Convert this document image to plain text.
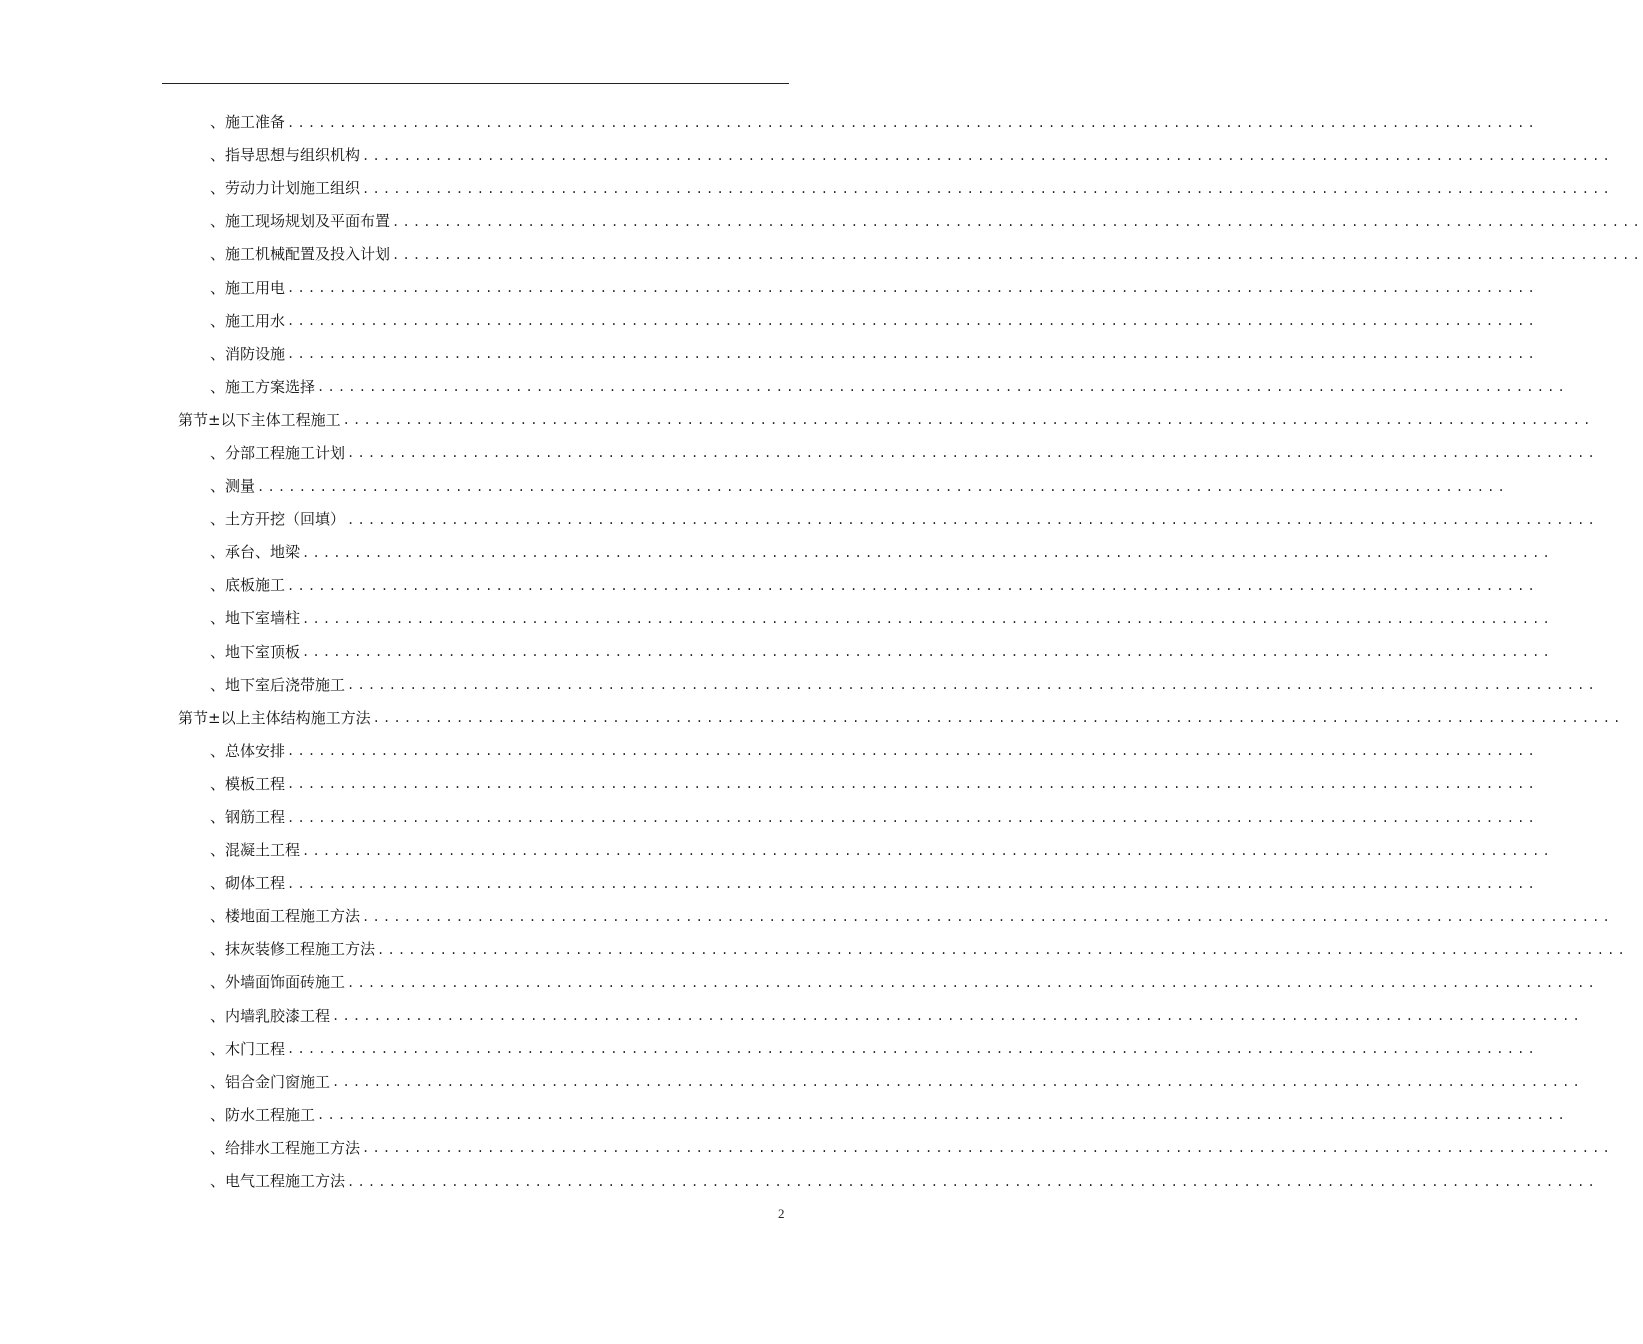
、 施工准备 ........................................................................................................................
、 指导思想与组织机构 ........................................................................................................................
、 劳动力计划施工组织 ........................................................................................................................
、 施工现场规划及平面布置 ........................................................................................................................
、 施工机械配置及投入计划 ........................................................................................................................
、 施工用电 ........................................................................................................................
、 施工用水 ........................................................................................................................
、 消防设施 ........................................................................................................................
、 施工方案选择 ........................................................................................................................
第节 ±以下主体工程施工 ........................................................................................................................
、 分部工程施工计划 ........................................................................................................................
、 测量 ........................................................................................................................
、 土方开挖（回填） ........................................................................................................................
、 承台、地梁 ........................................................................................................................
、 底板施工 ........................................................................................................................
、 地下室墙柱 ........................................................................................................................
、 地下室顶板 ........................................................................................................................
、 地下室后浇带施工 ........................................................................................................................
第节 ±以上主体结构施工方法 ........................................................................................................................
、 总体安排 ........................................................................................................................
、 模板工程 ........................................................................................................................
、 钢筋工程 ........................................................................................................................
、 混凝土工程 ........................................................................................................................
、 砌体工程 ........................................................................................................................
、 楼地面工程施工方法 ........................................................................................................................
、 抹灰装修工程施工方法 ........................................................................................................................
、 外墙面饰面砖施工 ........................................................................................................................
、 内墙乳胶漆工程 ........................................................................................................................
、 木门工程 ........................................................................................................................
、 铝合金门窗施工 ........................................................................................................................
、 防水工程施工 ........................................................................................................................
、 给排水工程施工方法 ........................................................................................................................
、 电气工程施工方法 ........................................................................................................................
2
